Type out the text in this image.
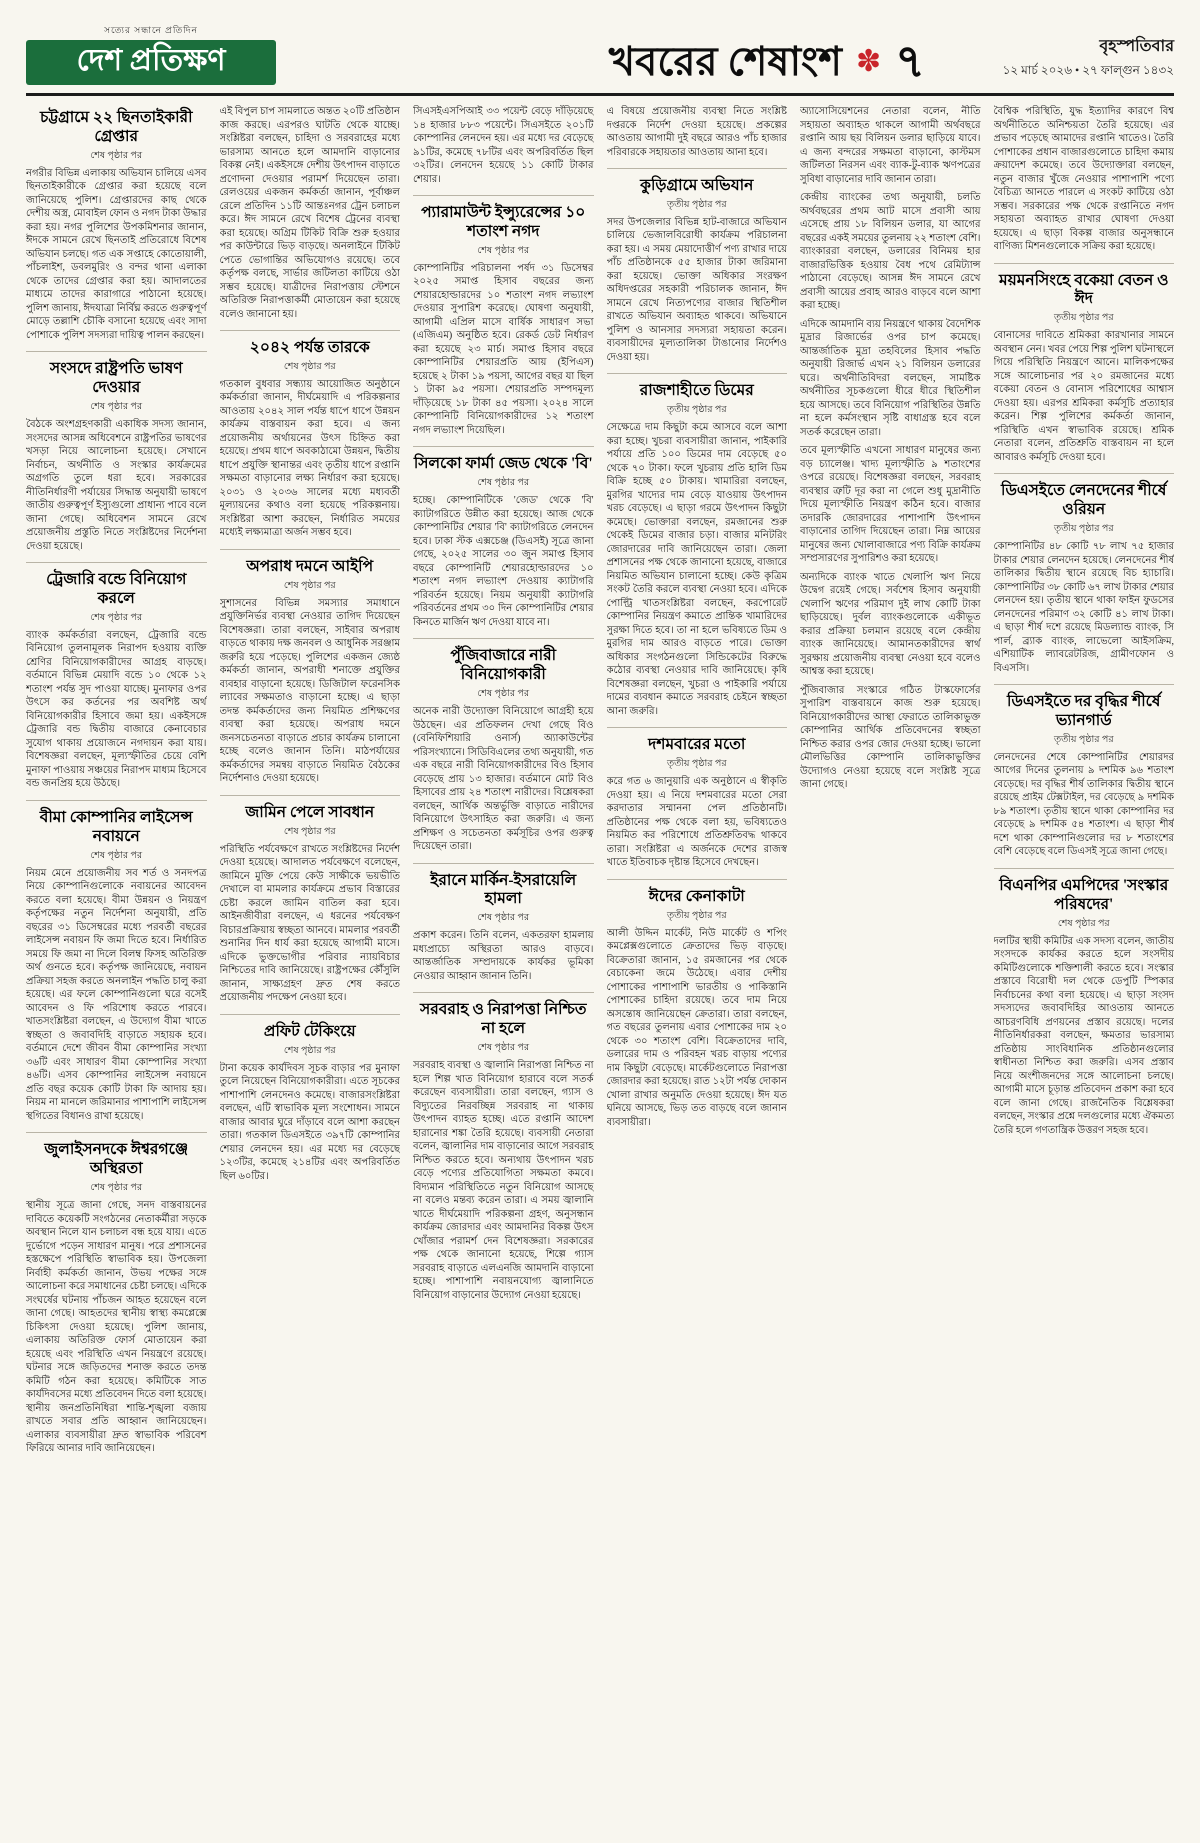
সত্যের সন্ধানে প্রতিদিন
দেশ প্রতিক্ষণ	খবরের শেষাংশ ✽ ৭	বৃহস্পতিবার
১২ মার্চ ২০২৬ • ২৭ ফাল্গুন ১৪৩২
চট্টগ্রামে ২২ ছিনতাইকারী গ্রেপ্তার
শেষ পৃষ্ঠার পর

নগরীর বিভিন্ন এলাকায় অভিযান চালিয়ে এসব ছিনতাইকারীকে গ্রেপ্তার করা হয়েছে বলে জানিয়েছে পুলিশ। গ্রেপ্তারদের কাছ থেকে দেশীয় অস্ত্র, মোবাইল ফোন ও নগদ টাকা উদ্ধার করা হয়। নগর পুলিশের উপকমিশনার জানান, ঈদকে সামনে রেখে ছিনতাই প্রতিরোধে বিশেষ অভিযান চলছে। গত এক সপ্তাহে কোতোয়ালী, পাঁচলাইশ, ডবলমুরিং ও বন্দর থানা এলাকা থেকে তাদের গ্রেপ্তার করা হয়। আদালতের মাধ্যমে তাদের কারাগারে পাঠানো হয়েছে। পুলিশ জানায়, ঈদযাত্রা নির্বিঘ্ন করতে গুরুত্বপূর্ণ মোড়ে তল্লাশি চৌকি বসানো হয়েছে এবং সাদা পোশাকে পুলিশ সদস্যরা দায়িত্ব পালন করছেন।

সংসদে রাষ্ট্রপতি ভাষণ দেওয়ার
শেষ পৃষ্ঠার পর

বৈঠকে অংশগ্রহণকারী একাধিক সদস্য জানান, সংসদের আসন্ন অধিবেশনে রাষ্ট্রপতির ভাষণের খসড়া নিয়ে আলোচনা হয়েছে। সেখানে নির্বাচন, অর্থনীতি ও সংস্কার কার্যক্রমের অগ্রগতি তুলে ধরা হবে। সরকারের নীতিনির্ধারণী পর্যায়ের সিদ্ধান্ত অনুযায়ী ভাষণে জাতীয় গুরুত্বপূর্ণ ইস্যুগুলো প্রাধান্য পাবে বলে জানা গেছে। অধিবেশন সামনে রেখে প্রয়োজনীয় প্রস্তুতি নিতে সংশ্লিষ্টদের নির্দেশনা দেওয়া হয়েছে।

ট্রেজারি বন্ডে বিনিয়োগ করলে
শেষ পৃষ্ঠার পর

ব্যাংক কর্মকর্তারা বলছেন, ট্রেজারি বন্ডে বিনিয়োগ তুলনামূলক নিরাপদ হওয়ায় ব্যক্তি শ্রেণির বিনিয়োগকারীদের আগ্রহ বাড়ছে। বর্তমানে বিভিন্ন মেয়াদি বন্ডে ১০ থেকে ১২ শতাংশ পর্যন্ত সুদ পাওয়া যাচ্ছে। মুনাফার ওপর উৎসে কর কর্তনের পর অবশিষ্ট অর্থ বিনিয়োগকারীর হিসাবে জমা হয়। একইসঙ্গে ট্রেজারি বন্ড দ্বিতীয় বাজারে কেনাবেচার সুযোগ থাকায় প্রয়োজনে নগদায়ন করা যায়। বিশেষজ্ঞরা বলছেন, মূল্যস্ফীতির চেয়ে বেশি মুনাফা পাওয়ায় সঞ্চয়ের নিরাপদ মাধ্যম হিসেবে বন্ড জনপ্রিয় হয়ে উঠছে।

বীমা কোম্পানির লাইসেন্স নবায়নে
শেষ পৃষ্ঠার পর

নিয়ম মেনে প্রয়োজনীয় সব শর্ত ও সনদপত্র নিয়ে কোম্পানিগুলোকে নবায়নের আবেদন করতে বলা হয়েছে। বীমা উন্নয়ন ও নিয়ন্ত্রণ কর্তৃপক্ষের নতুন নির্দেশনা অনুযায়ী, প্রতি বছরের ৩১ ডিসেম্বরের মধ্যে পরবর্তী বছরের লাইসেন্স নবায়ন ফি জমা দিতে হবে। নির্ধারিত সময়ে ফি জমা না দিলে বিলম্ব ফিসহ অতিরিক্ত অর্থ গুনতে হবে। কর্তৃপক্ষ জানিয়েছে, নবায়ন প্রক্রিয়া সহজ করতে অনলাইন পদ্ধতি চালু করা হয়েছে। এর ফলে কোম্পানিগুলো ঘরে বসেই আবেদন ও ফি পরিশোধ করতে পারবে। খাতসংশ্লিষ্টরা বলছেন, এ উদ্যোগ বীমা খাতে স্বচ্ছতা ও জবাবদিহি বাড়াতে সহায়ক হবে। বর্তমানে দেশে জীবন বীমা কোম্পানির সংখ্যা ৩৬টি এবং সাধারণ বীমা কোম্পানির সংখ্যা ৪৬টি। এসব কোম্পানির লাইসেন্স নবায়নে প্রতি বছর কয়েক কোটি টাকা ফি আদায় হয়। নিয়ম না মানলে জরিমানার পাশাপাশি লাইসেন্স স্থগিতের বিধানও রাখা হয়েছে।

জুলাইসনদকে ঈশ্বরগঞ্জে অস্থিরতা
শেষ পৃষ্ঠার পর

স্থানীয় সূত্রে জানা গেছে, সনদ বাস্তবায়নের দাবিতে কয়েকটি সংগঠনের নেতাকর্মীরা সড়কে অবস্থান নিলে যান চলাচল বন্ধ হয়ে যায়। এতে দুর্ভোগে পড়েন সাধারণ মানুষ। পরে প্রশাসনের হস্তক্ষেপে পরিস্থিতি স্বাভাবিক হয়। উপজেলা নির্বাহী কর্মকর্তা জানান, উভয় পক্ষের সঙ্গে আলোচনা করে সমাধানের চেষ্টা চলছে। এদিকে সংঘর্ষের ঘটনায় পাঁচজন আহত হয়েছেন বলে জানা গেছে। আহতদের স্থানীয় স্বাস্থ্য কমপ্লেক্সে চিকিৎসা দেওয়া হয়েছে। পুলিশ জানায়, এলাকায় অতিরিক্ত ফোর্স মোতায়েন করা হয়েছে এবং পরিস্থিতি এখন নিয়ন্ত্রণে রয়েছে। ঘটনার সঙ্গে জড়িতদের শনাক্ত করতে তদন্ত কমিটি গঠন করা হয়েছে। কমিটিকে সাত কার্যদিবসের মধ্যে প্রতিবেদন দিতে বলা হয়েছে। স্থানীয় জনপ্রতিনিধিরা শান্তি-শৃঙ্খলা বজায় রাখতে সবার প্রতি আহ্বান জানিয়েছেন। এলাকার ব্যবসায়ীরা দ্রুত স্বাভাবিক পরিবেশ ফিরিয়ে আনার দাবি জানিয়েছেন।

এই বিপুল চাপ সামলাতে অন্তত ২০টি প্রতিষ্ঠান কাজ করছে। এরপরও ঘাটতি থেকে যাচ্ছে। সংশ্লিষ্টরা বলছেন, চাহিদা ও সরবরাহের মধ্যে ভারসাম্য আনতে হলে আমদানি বাড়ানোর বিকল্প নেই। একইসঙ্গে দেশীয় উৎপাদন বাড়াতে প্রণোদনা দেওয়ার পরামর্শ দিয়েছেন তারা। রেলওয়ের একজন কর্মকর্তা জানান, পূর্বাঞ্চল রেলে প্রতিদিন ১১টি আন্তঃনগর ট্রেন চলাচল করে। ঈদ সামনে রেখে বিশেষ ট্রেনের ব্যবস্থা করা হয়েছে। অগ্রিম টিকিট বিক্রি শুরু হওয়ার পর কাউন্টারে ভিড় বাড়ছে। অনলাইনে টিকিট পেতে ভোগান্তির অভিযোগও রয়েছে। তবে কর্তৃপক্ষ বলছে, সার্ভার জটিলতা কাটিয়ে ওঠা সম্ভব হয়েছে। যাত্রীদের নিরাপত্তায় স্টেশনে অতিরিক্ত নিরাপত্তাকর্মী মোতায়েন করা হয়েছে বলেও জানানো হয়।

২০৪২ পর্যন্ত তারকে
শেষ পৃষ্ঠার পর

গতকাল বুধবার সন্ধ্যায় আয়োজিত অনুষ্ঠানে কর্মকর্তারা জানান, দীর্ঘমেয়াদি এ পরিকল্পনার আওতায় ২০৪২ সাল পর্যন্ত ধাপে ধাপে উন্নয়ন কার্যক্রম বাস্তবায়ন করা হবে। এ জন্য প্রয়োজনীয় অর্থায়নের উৎস চিহ্নিত করা হয়েছে। প্রথম ধাপে অবকাঠামো উন্নয়ন, দ্বিতীয় ধাপে প্রযুক্তি স্থানান্তর এবং তৃতীয় ধাপে রপ্তানি সক্ষমতা বাড়ানোর লক্ষ্য নির্ধারণ করা হয়েছে। ২০৩১ ও ২০৩৬ সালের মধ্যে মধ্যবর্তী মূল্যায়নের কথাও বলা হয়েছে পরিকল্পনায়। সংশ্লিষ্টরা আশা করছেন, নির্ধারিত সময়ের মধ্যেই লক্ষ্যমাত্রা অর্জন সম্ভব হবে।

অপরাধ দমনে আইপি
শেষ পৃষ্ঠার পর

সুশাসনের বিভিন্ন সমস্যার সমাধানে প্রযুক্তিনির্ভর ব্যবস্থা নেওয়ার তাগিদ দিয়েছেন বিশেষজ্ঞরা। তারা বলছেন, সাইবার অপরাধ বাড়তে থাকায় দক্ষ জনবল ও আধুনিক সরঞ্জাম জরুরি হয়ে পড়েছে। পুলিশের একজন জ্যেষ্ঠ কর্মকর্তা জানান, অপরাধী শনাক্তে প্রযুক্তির ব্যবহার বাড়ানো হয়েছে। ডিজিটাল ফরেনসিক ল্যাবের সক্ষমতাও বাড়ানো হচ্ছে। এ ছাড়া তদন্ত কর্মকর্তাদের জন্য নিয়মিত প্রশিক্ষণের ব্যবস্থা করা হয়েছে। অপরাধ দমনে জনসচেতনতা বাড়াতে প্রচার কার্যক্রম চালানো হচ্ছে বলেও জানান তিনি। মাঠপর্যায়ের কর্মকর্তাদের সমন্বয় বাড়াতে নিয়মিত বৈঠকের নির্দেশনাও দেওয়া হয়েছে।

জামিন পেলে সাবধান
শেষ পৃষ্ঠার পর

পরিস্থিতি পর্যবেক্ষণে রাখতে সংশ্লিষ্টদের নির্দেশ দেওয়া হয়েছে। আদালত পর্যবেক্ষণে বলেছেন, জামিনে মুক্তি পেয়ে কেউ সাক্ষীকে ভয়ভীতি দেখালে বা মামলার কার্যক্রমে প্রভাব বিস্তারের চেষ্টা করলে জামিন বাতিল করা হবে। আইনজীবীরা বলছেন, এ ধরনের পর্যবেক্ষণ বিচারপ্রক্রিয়ায় স্বচ্ছতা আনবে। মামলার পরবর্তী শুনানির দিন ধার্য করা হয়েছে আগামী মাসে। এদিকে ভুক্তভোগীর পরিবার ন্যায়বিচার নিশ্চিতের দাবি জানিয়েছে। রাষ্ট্রপক্ষের কৌঁসুলি জানান, সাক্ষ্যগ্রহণ দ্রুত শেষ করতে প্রয়োজনীয় পদক্ষেপ নেওয়া হবে।

প্রফিট টেকিংয়ে
শেষ পৃষ্ঠার পর

টানা কয়েক কার্যদিবস সূচক বাড়ার পর মুনাফা তুলে নিয়েছেন বিনিয়োগকারীরা। এতে সূচকের পাশাপাশি লেনদেনও কমেছে। বাজারসংশ্লিষ্টরা বলছেন, এটি স্বাভাবিক মূল্য সংশোধন। সামনে বাজার আবার ঘুরে দাঁড়াবে বলে আশা করছেন তারা। গতকাল ডিএসইতে ৩৯৭টি কোম্পানির শেয়ার লেনদেন হয়। এর মধ্যে দর বেড়েছে ১২৩টির, কমেছে ২১৪টির এবং অপরিবর্তিত ছিল ৬০টির।

সিএসইএসপিআই ৩৩ পয়েন্ট বেড়ে দাঁড়িয়েছে ১৪ হাজার ৮৮৩ পয়েন্টে। সিএসইতে ২০১টি কোম্পানির লেনদেন হয়। এর মধ্যে দর বেড়েছে ৯১টির, কমেছে ৭৮টির এবং অপরিবর্তিত ছিল ৩২টির। লেনদেন হয়েছে ১১ কোটি টাকার শেয়ার।

প্যারামাউন্ট ইন্স্যুরেন্সের ১০ শতাংশ নগদ
শেষ পৃষ্ঠার পর

কোম্পানিটির পরিচালনা পর্ষদ ৩১ ডিসেম্বর ২০২৫ সমাপ্ত হিসাব বছরের জন্য শেয়ারহোল্ডারদের ১০ শতাংশ নগদ লভ্যাংশ দেওয়ার সুপারিশ করেছে। ঘোষণা অনুযায়ী, আগামী এপ্রিল মাসে বার্ষিক সাধারণ সভা (এজিএম) অনুষ্ঠিত হবে। রেকর্ড ডেট নির্ধারণ করা হয়েছে ২৩ মার্চ। সমাপ্ত হিসাব বছরে কোম্পানিটির শেয়ারপ্রতি আয় (ইপিএস) হয়েছে ২ টাকা ১৯ পয়সা, আগের বছর যা ছিল ১ টাকা ৯৫ পয়সা। শেয়ারপ্রতি সম্পদমূল্য দাঁড়িয়েছে ১৮ টাকা ৪৫ পয়সা। ২০২৪ সালে কোম্পানিটি বিনিয়োগকারীদের ১২ শতাংশ নগদ লভ্যাংশ দিয়েছিল।

সিলকো ফার্মা জেড থেকে 'বি'
শেষ পৃষ্ঠার পর

হচ্ছে। কোম্পানিটিকে 'জেড' থেকে 'বি' ক্যাটাগরিতে উন্নীত করা হয়েছে। আজ থেকে কোম্পানিটির শেয়ার 'বি' ক্যাটাগরিতে লেনদেন হবে। ঢাকা স্টক এক্সচেঞ্জ (ডিএসই) সূত্রে জানা গেছে, ২০২৫ সালের ৩০ জুন সমাপ্ত হিসাব বছরে কোম্পানিটি শেয়ারহোল্ডারদের ১০ শতাংশ নগদ লভ্যাংশ দেওয়ায় ক্যাটাগরি পরিবর্তন হয়েছে। নিয়ম অনুযায়ী ক্যাটাগরি পরিবর্তনের প্রথম ৩০ দিন কোম্পানিটির শেয়ার কিনতে মার্জিন ঋণ দেওয়া যাবে না।

পুঁজিবাজারে নারী বিনিয়োগকারী
শেষ পৃষ্ঠার পর

অনেক নারী উদ্যোক্তা বিনিয়োগে আগ্রহী হয়ে উঠছেন। এর প্রতিফলন দেখা গেছে বিও (বেনিফিশিয়ারি ওনার্স) অ্যাকাউন্টের পরিসংখ্যানে। সিডিবিএলের তথ্য অনুযায়ী, গত এক বছরে নারী বিনিয়োগকারীদের বিও হিসাব বেড়েছে প্রায় ১৩ হাজার। বর্তমানে মোট বিও হিসাবের প্রায় ২৪ শতাংশ নারীদের। বিশ্লেষকরা বলছেন, আর্থিক অন্তর্ভুক্তি বাড়াতে নারীদের বিনিয়োগে উৎসাহিত করা জরুরি। এ জন্য প্রশিক্ষণ ও সচেতনতা কর্মসূচির ওপর গুরুত্ব দিয়েছেন তারা।

ইরানে মার্কিন-ইসরায়েলি হামলা
শেষ পৃষ্ঠার পর

প্রকাশ করেন। তিনি বলেন, একতরফা হামলায় মধ্যপ্রাচ্যে অস্থিরতা আরও বাড়বে। আন্তর্জাতিক সম্প্রদায়কে কার্যকর ভূমিকা নেওয়ার আহ্বান জানান তিনি।

সরবরাহ ও নিরাপত্তা নিশ্চিত না হলে
শেষ পৃষ্ঠার পর

সরবরাহ ব্যবস্থা ও জ্বালানি নিরাপত্তা নিশ্চিত না হলে শিল্প খাত বিনিয়োগ হারাবে বলে সতর্ক করেছেন ব্যবসায়ীরা। তারা বলছেন, গ্যাস ও বিদ্যুতের নিরবচ্ছিন্ন সরবরাহ না থাকায় উৎপাদন ব্যাহত হচ্ছে। এতে রপ্তানি আদেশ হারানোর শঙ্কা তৈরি হয়েছে। ব্যবসায়ী নেতারা বলেন, জ্বালানির দাম বাড়ানোর আগে সরবরাহ নিশ্চিত করতে হবে। অন্যথায় উৎপাদন খরচ বেড়ে পণ্যের প্রতিযোগিতা সক্ষমতা কমবে। বিদ্যমান পরিস্থিতিতে নতুন বিনিয়োগ আসছে না বলেও মন্তব্য করেন তারা। এ সময় জ্বালানি খাতে দীর্ঘমেয়াদি পরিকল্পনা গ্রহণ, অনুসন্ধান কার্যক্রম জোরদার এবং আমদানির বিকল্প উৎস খোঁজার পরামর্শ দেন বিশেষজ্ঞরা। সরকারের পক্ষ থেকে জানানো হয়েছে, শিল্পে গ্যাস সরবরাহ বাড়াতে এলএনজি আমদানি বাড়ানো হচ্ছে। পাশাপাশি নবায়নযোগ্য জ্বালানিতে বিনিয়োগ বাড়ানোর উদ্যোগ নেওয়া হয়েছে।

এ বিষয়ে প্রয়োজনীয় ব্যবস্থা নিতে সংশ্লিষ্ট দপ্তরকে নির্দেশ দেওয়া হয়েছে। প্রকল্পের আওতায় আগামী দুই বছরে আরও পাঁচ হাজার পরিবারকে সহায়তার আওতায় আনা হবে।

কুড়িগ্রামে অভিযান
তৃতীয় পৃষ্ঠার পর

সদর উপজেলার বিভিন্ন হাট-বাজারে অভিযান চালিয়ে ভেজালবিরোধী কার্যক্রম পরিচালনা করা হয়। এ সময় মেয়াদোত্তীর্ণ পণ্য রাখার দায়ে পাঁচ প্রতিষ্ঠানকে ৫৫ হাজার টাকা জরিমানা করা হয়েছে। ভোক্তা অধিকার সংরক্ষণ অধিদপ্তরের সহকারী পরিচালক জানান, ঈদ সামনে রেখে নিত্যপণ্যের বাজার স্থিতিশীল রাখতে অভিযান অব্যাহত থাকবে। অভিযানে পুলিশ ও আনসার সদস্যরা সহায়তা করেন। ব্যবসায়ীদের মূল্যতালিকা টাঙানোর নির্দেশও দেওয়া হয়।

রাজশাহীতে ডিমের
তৃতীয় পৃষ্ঠার পর

সেক্ষেত্রে দাম কিছুটা কমে আসবে বলে আশা করা হচ্ছে। খুচরা ব্যবসায়ীরা জানান, পাইকারি পর্যায়ে প্রতি ১০০ ডিমের দাম বেড়েছে ৫০ থেকে ৭০ টাকা। ফলে খুচরায় প্রতি হালি ডিম বিক্রি হচ্ছে ৫০ টাকায়। খামারিরা বলছেন, মুরগির খাদ্যের দাম বেড়ে যাওয়ায় উৎপাদন খরচ বেড়েছে। এ ছাড়া গরমে উৎপাদন কিছুটা কমেছে। ভোক্তারা বলছেন, রমজানের শুরু থেকেই ডিমের বাজার চড়া। বাজার মনিটরিং জোরদারের দাবি জানিয়েছেন তারা। জেলা প্রশাসনের পক্ষ থেকে জানানো হয়েছে, বাজারে নিয়মিত অভিযান চালানো হচ্ছে। কেউ কৃত্রিম সংকট তৈরি করলে ব্যবস্থা নেওয়া হবে। এদিকে পোল্ট্রি খাতসংশ্লিষ্টরা বলছেন, করপোরেট কোম্পানির নিয়ন্ত্রণ কমাতে প্রান্তিক খামারিদের সুরক্ষা দিতে হবে। তা না হলে ভবিষ্যতে ডিম ও মুরগির দাম আরও বাড়তে পারে। ভোক্তা অধিকার সংগঠনগুলো সিন্ডিকেটের বিরুদ্ধে কঠোর ব্যবস্থা নেওয়ার দাবি জানিয়েছে। কৃষি বিশেষজ্ঞরা বলছেন, খুচরা ও পাইকারি পর্যায়ে দামের ব্যবধান কমাতে সরবরাহ চেইনে স্বচ্ছতা আনা জরুরি।

দশমবারের মতো
তৃতীয় পৃষ্ঠার পর

করে গত ৬ জানুয়ারি এক অনুষ্ঠানে এ স্বীকৃতি দেওয়া হয়। এ নিয়ে দশমবারের মতো সেরা করদাতার সম্মাননা পেল প্রতিষ্ঠানটি। প্রতিষ্ঠানের পক্ষ থেকে বলা হয়, ভবিষ্যতেও নিয়মিত কর পরিশোধে প্রতিশ্রুতিবদ্ধ থাকবে তারা। সংশ্লিষ্টরা এ অর্জনকে দেশের রাজস্ব খাতে ইতিবাচক দৃষ্টান্ত হিসেবে দেখছেন।

ঈদের কেনাকাটা
তৃতীয় পৃষ্ঠার পর

আলী উদ্দিন মার্কেট, নিউ মার্কেট ও শপিং কমপ্লেক্সগুলোতে ক্রেতাদের ভিড় বাড়ছে। বিক্রেতারা জানান, ১৫ রমজানের পর থেকে বেচাকেনা জমে উঠেছে। এবার দেশীয় পোশাকের পাশাপাশি ভারতীয় ও পাকিস্তানি পোশাকের চাহিদা রয়েছে। তবে দাম নিয়ে অসন্তোষ জানিয়েছেন ক্রেতারা। তারা বলছেন, গত বছরের তুলনায় এবার পোশাকের দাম ২০ থেকে ৩০ শতাংশ বেশি। বিক্রেতাদের দাবি, ডলারের দাম ও পরিবহন খরচ বাড়ায় পণ্যের দাম কিছুটা বেড়েছে। মার্কেটগুলোতে নিরাপত্তা জোরদার করা হয়েছে। রাত ১২টা পর্যন্ত দোকান খোলা রাখার অনুমতি দেওয়া হয়েছে। ঈদ যত ঘনিয়ে আসছে, ভিড় তত বাড়ছে বলে জানান ব্যবসায়ীরা।

অ্যাসোসিয়েশনের নেতারা বলেন, নীতি সহায়তা অব্যাহত থাকলে আগামী অর্থবছরে রপ্তানি আয় ছয় বিলিয়ন ডলার ছাড়িয়ে যাবে। এ জন্য বন্দরের সক্ষমতা বাড়ানো, কাস্টমস জটিলতা নিরসন এবং ব্যাক-টু-ব্যাক ঋণপত্রের সুবিধা বাড়ানোর দাবি জানান তারা।

কেন্দ্রীয় ব্যাংকের তথ্য অনুযায়ী, চলতি অর্থবছরের প্রথম আট মাসে প্রবাসী আয় এসেছে প্রায় ১৮ বিলিয়ন ডলার, যা আগের বছরের একই সময়ের তুলনায় ২২ শতাংশ বেশি। ব্যাংকাররা বলছেন, ডলারের বিনিময় হার বাজারভিত্তিক হওয়ায় বৈধ পথে রেমিট্যান্স পাঠানো বেড়েছে। আসন্ন ঈদ সামনে রেখে প্রবাসী আয়ের প্রবাহ আরও বাড়বে বলে আশা করা হচ্ছে।

এদিকে আমদানি ব্যয় নিয়ন্ত্রণে থাকায় বৈদেশিক মুদ্রার রিজার্ভের ওপর চাপ কমেছে। আন্তর্জাতিক মুদ্রা তহবিলের হিসাব পদ্ধতি অনুযায়ী রিজার্ভ এখন ২১ বিলিয়ন ডলারের ঘরে। অর্থনীতিবিদরা বলছেন, সামষ্টিক অর্থনীতির সূচকগুলো ধীরে ধীরে স্থিতিশীল হয়ে আসছে। তবে বিনিয়োগ পরিস্থিতির উন্নতি না হলে কর্মসংস্থান সৃষ্টি বাধাগ্রস্ত হবে বলে সতর্ক করেছেন তারা।

তবে মূল্যস্ফীতি এখনো সাধারণ মানুষের জন্য বড় চ্যালেঞ্জ। খাদ্য মূল্যস্ফীতি ৯ শতাংশের ওপরে রয়েছে। বিশেষজ্ঞরা বলছেন, সরবরাহ ব্যবস্থার ত্রুটি দূর করা না গেলে শুধু মুদ্রানীতি দিয়ে মূল্যস্ফীতি নিয়ন্ত্রণ কঠিন হবে। বাজার তদারকি জোরদারের পাশাপাশি উৎপাদন বাড়ানোর তাগিদ দিয়েছেন তারা। নিম্ন আয়ের মানুষের জন্য খোলাবাজারে পণ্য বিক্রি কার্যক্রম সম্প্রসারণের সুপারিশও করা হয়েছে।

অন্যদিকে ব্যাংক খাতে খেলাপি ঋণ নিয়ে উদ্বেগ রয়েই গেছে। সর্বশেষ হিসাব অনুযায়ী খেলাপি ঋণের পরিমাণ দুই লাখ কোটি টাকা ছাড়িয়েছে। দুর্বল ব্যাংকগুলোকে একীভূত করার প্রক্রিয়া চলমান রয়েছে বলে কেন্দ্রীয় ব্যাংক জানিয়েছে। আমানতকারীদের স্বার্থ সুরক্ষায় প্রয়োজনীয় ব্যবস্থা নেওয়া হবে বলেও আশ্বস্ত করা হয়েছে।

পুঁজিবাজার সংস্কারে গঠিত টাস্কফোর্সের সুপারিশ বাস্তবায়নে কাজ শুরু হয়েছে। বিনিয়োগকারীদের আস্থা ফেরাতে তালিকাভুক্ত কোম্পানির আর্থিক প্রতিবেদনের স্বচ্ছতা নিশ্চিত করার ওপর জোর দেওয়া হচ্ছে। ভালো মৌলভিত্তির কোম্পানি তালিকাভুক্তির উদ্যোগও নেওয়া হয়েছে বলে সংশ্লিষ্ট সূত্রে জানা গেছে।

বৈশ্বিক পরিস্থিতি, যুদ্ধ ইত্যাদির কারণে বিশ্ব অর্থনীতিতে অনিশ্চয়তা তৈরি হয়েছে। এর প্রভাব পড়েছে আমাদের রপ্তানি খাতেও। তৈরি পোশাকের প্রধান বাজারগুলোতে চাহিদা কমায় ক্রয়াদেশ কমেছে। তবে উদ্যোক্তারা বলছেন, নতুন বাজার খুঁজে নেওয়ার পাশাপাশি পণ্যে বৈচিত্র্য আনতে পারলে এ সংকট কাটিয়ে ওঠা সম্ভব। সরকারের পক্ষ থেকে রপ্তানিতে নগদ সহায়তা অব্যাহত রাখার ঘোষণা দেওয়া হয়েছে। এ ছাড়া বিকল্প বাজার অনুসন্ধানে বাণিজ্য মিশনগুলোকে সক্রিয় করা হয়েছে।

ময়মনসিংহে বকেয়া বেতন ও ঈদ
তৃতীয় পৃষ্ঠার পর

বোনাসের দাবিতে শ্রমিকরা কারখানার সামনে অবস্থান নেন। খবর পেয়ে শিল্প পুলিশ ঘটনাস্থলে গিয়ে পরিস্থিতি নিয়ন্ত্রণে আনে। মালিকপক্ষের সঙ্গে আলোচনার পর ২০ রমজানের মধ্যে বকেয়া বেতন ও বোনাস পরিশোধের আশ্বাস দেওয়া হয়। এরপর শ্রমিকরা কর্মসূচি প্রত্যাহার করেন। শিল্প পুলিশের কর্মকর্তা জানান, পরিস্থিতি এখন স্বাভাবিক রয়েছে। শ্রমিক নেতারা বলেন, প্রতিশ্রুতি বাস্তবায়ন না হলে আবারও কর্মসূচি দেওয়া হবে।

ডিএসইতে লেনদেনের শীর্ষে ওরিয়ন
তৃতীয় পৃষ্ঠার পর

কোম্পানিটির ৪৮ কোটি ৭৮ লাখ ৭৫ হাজার টাকার শেয়ার লেনদেন হয়েছে। লেনদেনের শীর্ষ তালিকার দ্বিতীয় স্থানে রয়েছে বিচ হ্যাচারি। কোম্পানিটির ৩৮ কোটি ৬৭ লাখ টাকার শেয়ার লেনদেন হয়। তৃতীয় স্থানে থাকা ফাইন ফুডসের লেনদেনের পরিমাণ ৩২ কোটি ৪১ লাখ টাকা। এ ছাড়া শীর্ষ দশে রয়েছে মিডল্যান্ড ব্যাংক, সি পার্ল, ব্র্যাক ব্যাংক, লাভেলো আইসক্রিম, এশিয়াটিক ল্যাবরেটরিজ, গ্রামীণফোন ও বিএসসি।

ডিএসইতে দর বৃদ্ধির শীর্ষে ভ্যানগার্ড
তৃতীয় পৃষ্ঠার পর

লেনদেনের শেষে কোম্পানিটির শেয়ারদর আগের দিনের তুলনায় ৯ দশমিক ৯৬ শতাংশ বেড়েছে। দর বৃদ্ধির শীর্ষ তালিকার দ্বিতীয় স্থানে রয়েছে প্রাইম টেক্সটাইল, দর বেড়েছে ৯ দশমিক ৮৯ শতাংশ। তৃতীয় স্থানে থাকা কোম্পানির দর বেড়েছে ৯ দশমিক ৫৪ শতাংশ। এ ছাড়া শীর্ষ দশে থাকা কোম্পানিগুলোর দর ৮ শতাংশের বেশি বেড়েছে বলে ডিএসই সূত্রে জানা গেছে।

বিএনপির এমপিদের 'সংস্কার পরিষদের'
শেষ পৃষ্ঠার পর

দলটির স্থায়ী কমিটির এক সদস্য বলেন, জাতীয় সংসদকে কার্যকর করতে হলে সংসদীয় কমিটিগুলোকে শক্তিশালী করতে হবে। সংস্কার প্রস্তাবে বিরোধী দল থেকে ডেপুটি স্পিকার নির্বাচনের কথা বলা হয়েছে। এ ছাড়া সংসদ সদস্যদের জবাবদিহির আওতায় আনতে আচরণবিধি প্রণয়নের প্রস্তাব রয়েছে। দলের নীতিনির্ধারকরা বলছেন, ক্ষমতার ভারসাম্য প্রতিষ্ঠায় সাংবিধানিক প্রতিষ্ঠানগুলোর স্বাধীনতা নিশ্চিত করা জরুরি। এসব প্রস্তাব নিয়ে অংশীজনদের সঙ্গে আলোচনা চলছে। আগামী মাসে চূড়ান্ত প্রতিবেদন প্রকাশ করা হবে বলে জানা গেছে। রাজনৈতিক বিশ্লেষকরা বলছেন, সংস্কার প্রশ্নে দলগুলোর মধ্যে ঐকমত্য তৈরি হলে গণতান্ত্রিক উত্তরণ সহজ হবে।
